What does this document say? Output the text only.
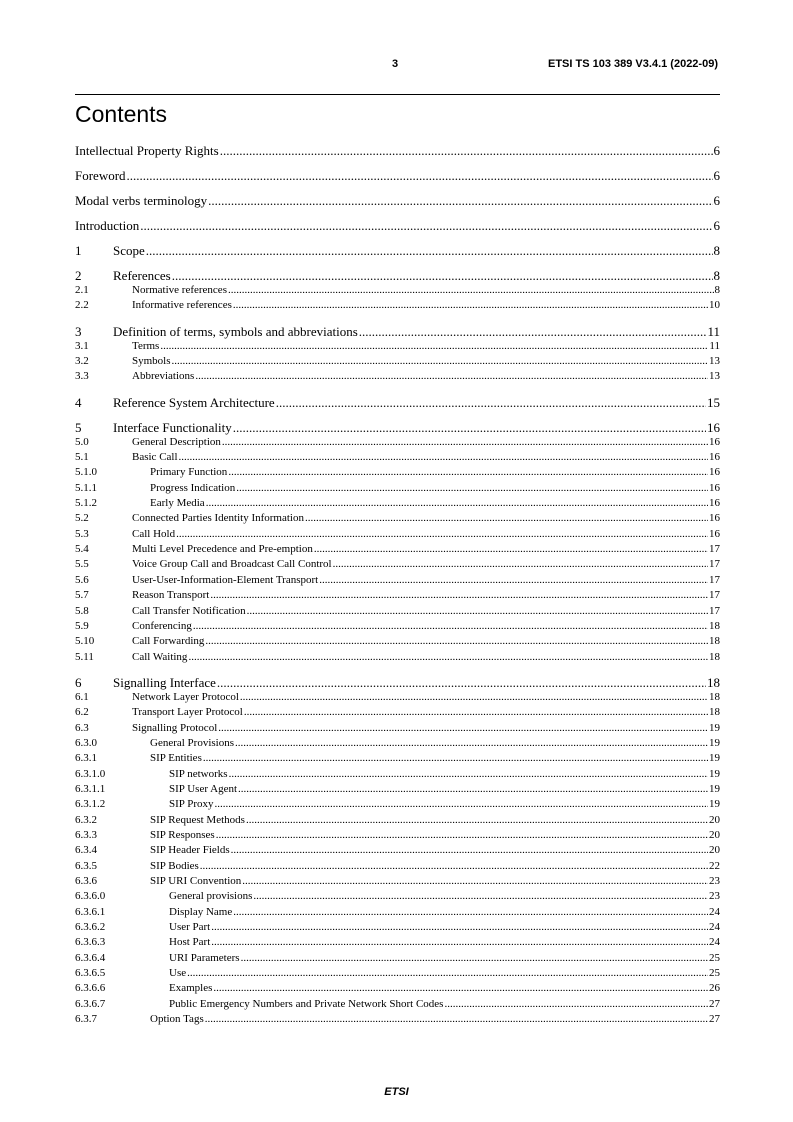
3	ETSI TS 103 389 V3.4.1 (2022-09)
Contents
Intellectual Property Rights .....	6
Foreword .....	6
Modal verbs terminology .....	6
Introduction .....	6
1	Scope .....	8
2	References .....	8
2.1	Normative references .....	8
2.2	Informative references .....	10
3	Definition of terms, symbols and abbreviations .....	11
3.1	Terms .....	11
3.2	Symbols .....	13
3.3	Abbreviations .....	13
4	Reference System Architecture .....	15
5	Interface Functionality .....	16
5.0	General Description .....	16
5.1	Basic Call .....	16
5.1.0	Primary Function .....	16
5.1.1	Progress Indication .....	16
5.1.2	Early Media .....	16
5.2	Connected Parties Identity Information .....	16
5.3	Call Hold .....	16
5.4	Multi Level Precedence and Pre-emption .....	17
5.5	Voice Group Call and Broadcast Call Control .....	17
5.6	User-User-Information-Element Transport .....	17
5.7	Reason Transport .....	17
5.8	Call Transfer Notification .....	17
5.9	Conferencing .....	18
5.10	Call Forwarding .....	18
5.11	Call Waiting .....	18
6	Signalling Interface .....	18
6.1	Network Layer Protocol .....	18
6.2	Transport Layer Protocol .....	18
6.3	Signalling Protocol .....	19
6.3.0	General Provisions .....	19
6.3.1	SIP Entities .....	19
6.3.1.0	SIP networks .....	19
6.3.1.1	SIP User Agent .....	19
6.3.1.2	SIP Proxy .....	19
6.3.2	SIP Request Methods .....	20
6.3.3	SIP Responses .....	20
6.3.4	SIP Header Fields .....	20
6.3.5	SIP Bodies .....	22
6.3.6	SIP URI Convention .....	23
6.3.6.0	General provisions .....	23
6.3.6.1	Display Name .....	24
6.3.6.2	User Part .....	24
6.3.6.3	Host Part .....	24
6.3.6.4	URI Parameters .....	25
6.3.6.5	Use .....	25
6.3.6.6	Examples .....	26
6.3.6.7	Public Emergency Numbers and Private Network Short Codes .....	27
6.3.7	Option Tags .....	27
ETSI
